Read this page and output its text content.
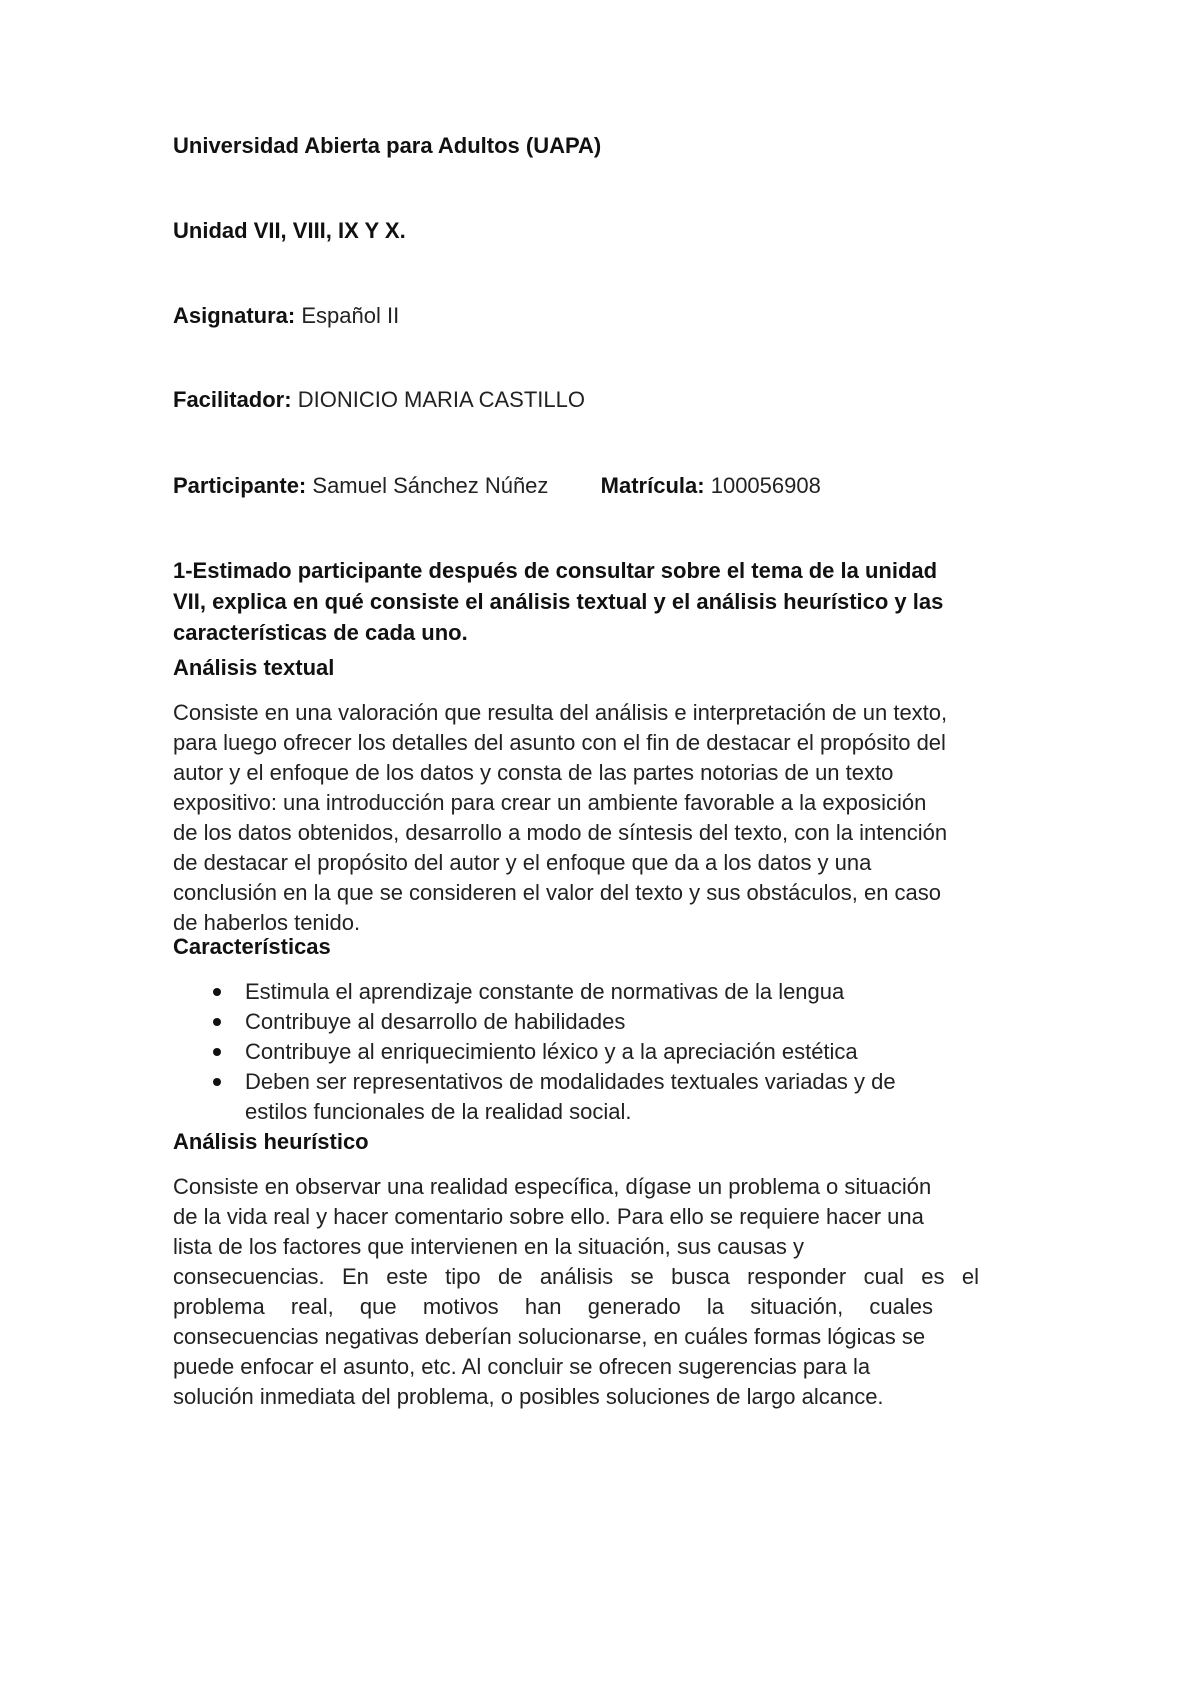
Universidad Abierta para Adultos (UAPA)
Unidad VII, VIII, IX Y X.
Asignatura: Español II
Facilitador: DIONICIO MARIA CASTILLO
Participante: Samuel Sánchez Núñez Matrícula: 100056908
1-Estimado participante después de consultar sobre el tema de la unidad
VII, explica en qué consiste el análisis textual y el análisis heurístico y las
características de cada uno.
Análisis textual
Consiste en una valoración que resulta del análisis e interpretación de un texto,
para luego ofrecer los detalles del asunto con el fin de destacar el propósito del
autor y el enfoque de los datos y consta de las partes notorias de un texto
expositivo: una introducción para crear un ambiente favorable a la exposición
de los datos obtenidos, desarrollo a modo de síntesis del texto, con la intención
de destacar el propósito del autor y el enfoque que da a los datos y una
conclusión en la que se consideren el valor del texto y sus obstáculos, en caso
de haberlos tenido.
Características
Estimula el aprendizaje constante de normativas de la lengua
Contribuye al desarrollo de habilidades
Contribuye al enriquecimiento léxico y a la apreciación estética
Deben ser representativos de modalidades textuales variadas y de
estilos funcionales de la realidad social.
Análisis heurístico
Consiste en observar una realidad específica, dígase un problema o situación
de la vida real y hacer comentario sobre ello. Para ello se requiere hacer una
lista de los factores que intervienen en la situación, sus causas y
consecuencias. En este tipo de análisis se busca responder cual es el
problema real, que motivos han generado la situación, cuales
consecuencias negativas deberían solucionarse, en cuáles formas lógicas se
puede enfocar el asunto, etc. Al concluir se ofrecen sugerencias para la
solución inmediata del problema, o posibles soluciones de largo alcance.
